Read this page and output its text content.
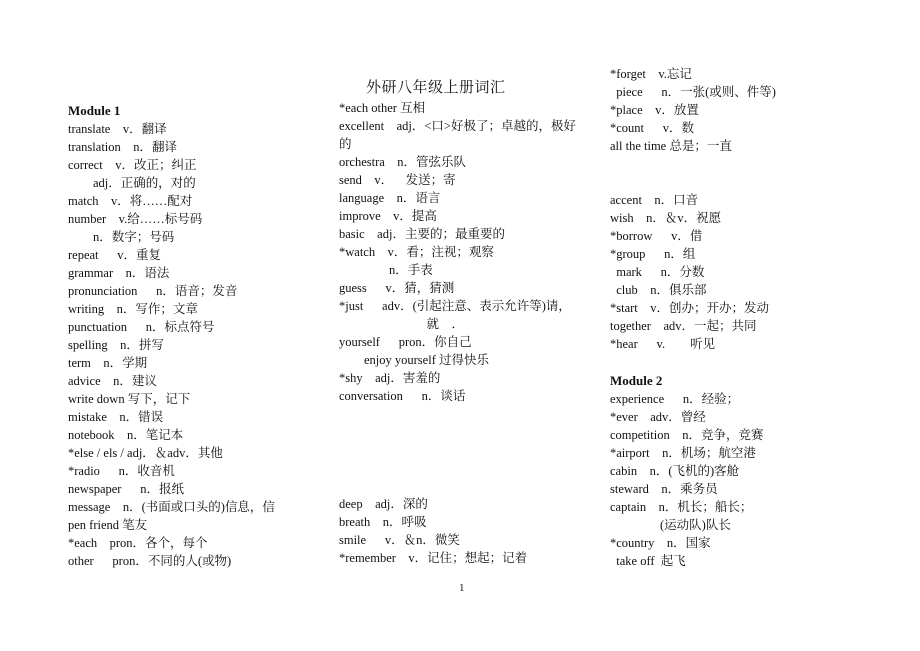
外研八年级上册词汇
Module 1
translate    v．翻译
translation    n．翻译
correct    v．改正；纠正
adj．正确的，对的
match    v．将……配对
number    v.给……标号码
n．数字；号码
repeat      v．重复
grammar    n．语法
pronunciation      n．语音；发音
writing    n．写作；文章
punctuation      n．标点符号
spelling    n．拼写
term    n．学期
advice    n．建议
write down 写下，记下
mistake    n．错误
notebook    n．笔记本
*else / els / adj．＆adv．其他
*radio      n．收音机
newspaper      n．报纸
message    n．(书面或口头的)信息，信
pen friend 笔友
*each    pron．各个，每个
other      pron．不同的人(或物)
*each other 互相
excellent    adj．<口>好极了；卓越的，极好
的
orchestra    n．管弦乐队
send    v．    发送；寄
language    n．语言
improve    v．提高
basic    adj．主要的；最重要的
*watch    v．看；注视；观察
n．手表
guess      v．猜，猜测
*just      adv．(引起注意、表示允许等)请，
就    ．
yourself      pron．你自己
enjoy yourself 过得快乐
*shy    adj．害羞的
conversation      n．谈话
deep    adj．深的
breath    n．呼吸
smile      v．＆n．微笑
*remember    v．记住；想起；记着
*forget    v.忘记
piece      n．一张(或则、件等)
*place    v．放置
*count      v．数
all the time 总是；一直
accent    n．口音
wish    n．＆v．祝愿
*borrow      v．借
*group      n．组
mark      n．分数
club    n．俱乐部
*start    v．创办；开办；发动
together    adv．一起；共同
*hear      v.        听见
Module 2
experience      n．经验；
*ever    adv．曾经
competition    n．竞争，竞赛
*airport    n．机场；航空港
cabin    n．(飞机的)客舱
steward    n．乘务员
captain    n．机长；船长；
(运动队)队长
*country    n．国家
take off  起飞
1
